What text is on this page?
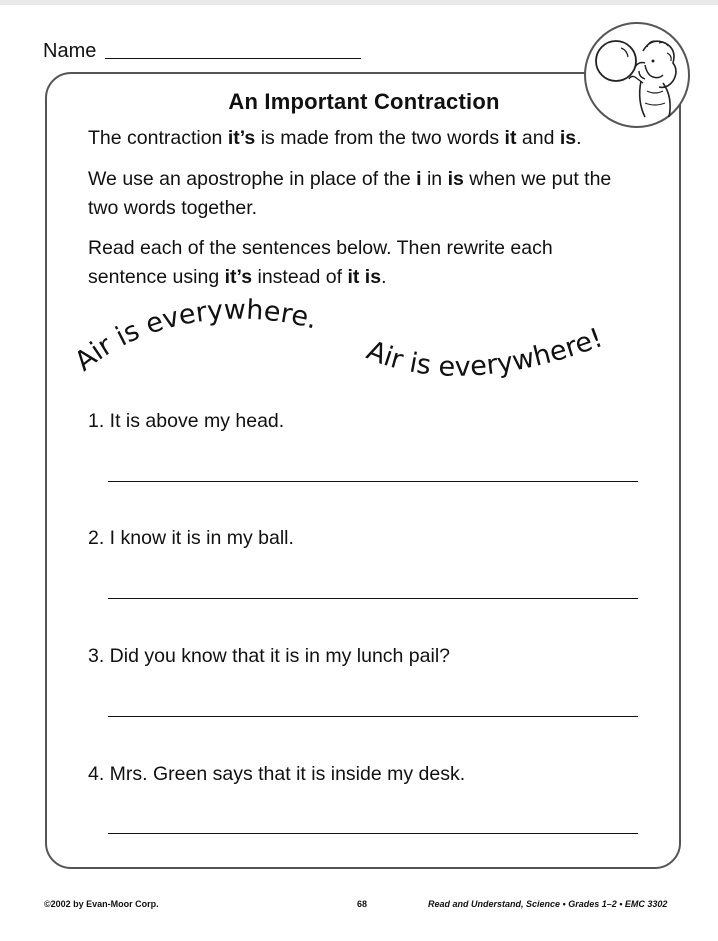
Name
An Important Contraction
The contraction it’s is made from the two words it and is.
We use an apostrophe in place of the i in is when we put the two words together.
Read each of the sentences below. Then rewrite each sentence using it’s instead of it is.
Air is everywhere.
Air is everywhere!
1. It is above my head.
2. I know it is in my ball.
3. Did you know that it is in my lunch pail?
4. Mrs. Green says that it is inside my desk.
©2002 by Evan-Moor Corp.	68	Read and Understand, Science • Grades 1–2 • EMC 3302
